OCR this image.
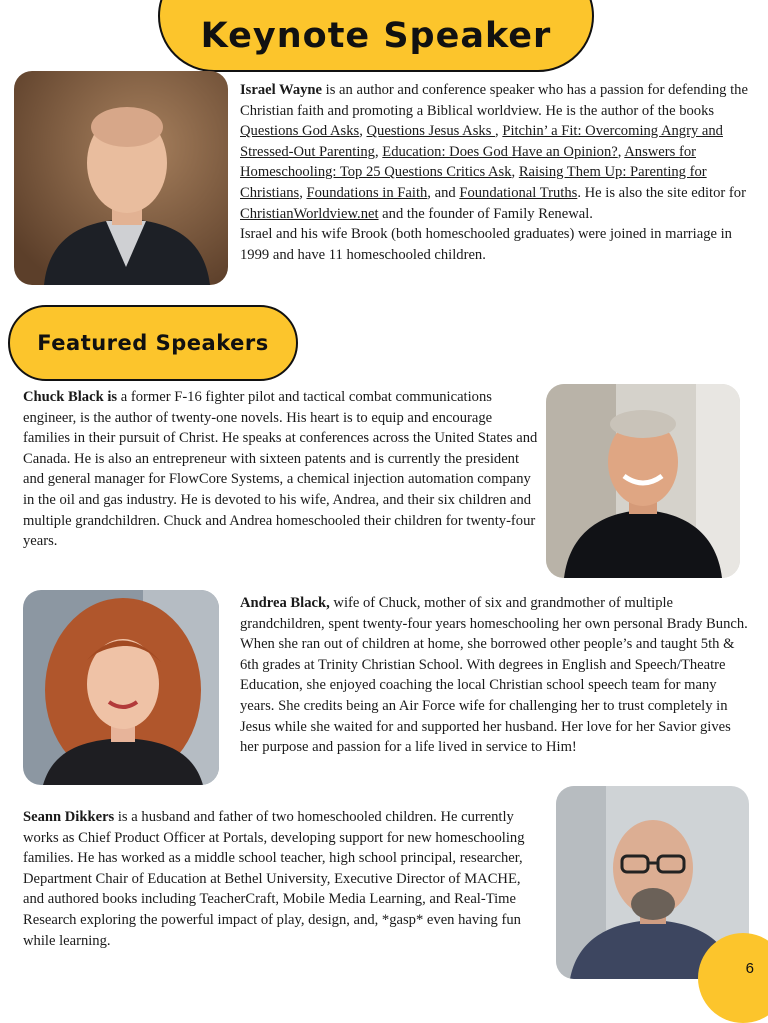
Keynote Speaker
Israel Wayne is an author and conference speaker who has a passion for defending the Christian faith and promoting a Biblical worldview. He is the author of the books Questions God Asks, Questions Jesus Asks , Pitchin’ a Fit: Overcoming Angry and Stressed-Out Parenting, Education: Does God Have an Opinion?, Answers for Homeschooling: Top 25 Questions Critics Ask, Raising Them Up: Parenting for Christians, Foundations in Faith, and Foundational Truths. He is also the site editor for ChristianWorldview.net and the founder of Family Renewal.
Israel and his wife Brook (both homeschooled graduates) were joined in marriage in 1999 and have 11 homeschooled children.
Featured Speakers
Chuck Black is a former F-16 fighter pilot and tactical combat communications engineer, is the author of twenty-one novels. His heart is to equip and encourage families in their pursuit of Christ. He speaks at conferences across the United States and Canada. He is also an entrepreneur with sixteen patents and is currently the president and general manager for FlowCore Systems, a chemical injection automation company in the oil and gas industry. He is devoted to his wife, Andrea, and their six children and multiple grandchildren. Chuck and Andrea homeschooled their children for twenty-four years.
Andrea Black, wife of Chuck, mother of six and grandmother of multiple grandchildren, spent twenty-four years homeschooling her own personal Brady Bunch. When she ran out of children at home, she borrowed other people’s and taught 5th & 6th grades at Trinity Christian School. With degrees in English and Speech/Theatre Education, she enjoyed coaching the local Christian school speech team for many years. She credits being an Air Force wife for challenging her to trust completely in Jesus while she waited for and supported her husband. Her love for her Savior gives her purpose and passion for a life lived in service to Him!
Seann Dikkers is a husband and father of two homeschooled children. He currently works as Chief Product Officer at Portals, developing support for new homeschooling families. He has worked as a middle school teacher, high school principal, researcher, Department Chair of Education at Bethel University, Executive Director of MACHE, and authored books including TeacherCraft, Mobile Media Learning, and Real-Time Research exploring the powerful impact of play, design, and, *gasp* even having fun while learning.
6
